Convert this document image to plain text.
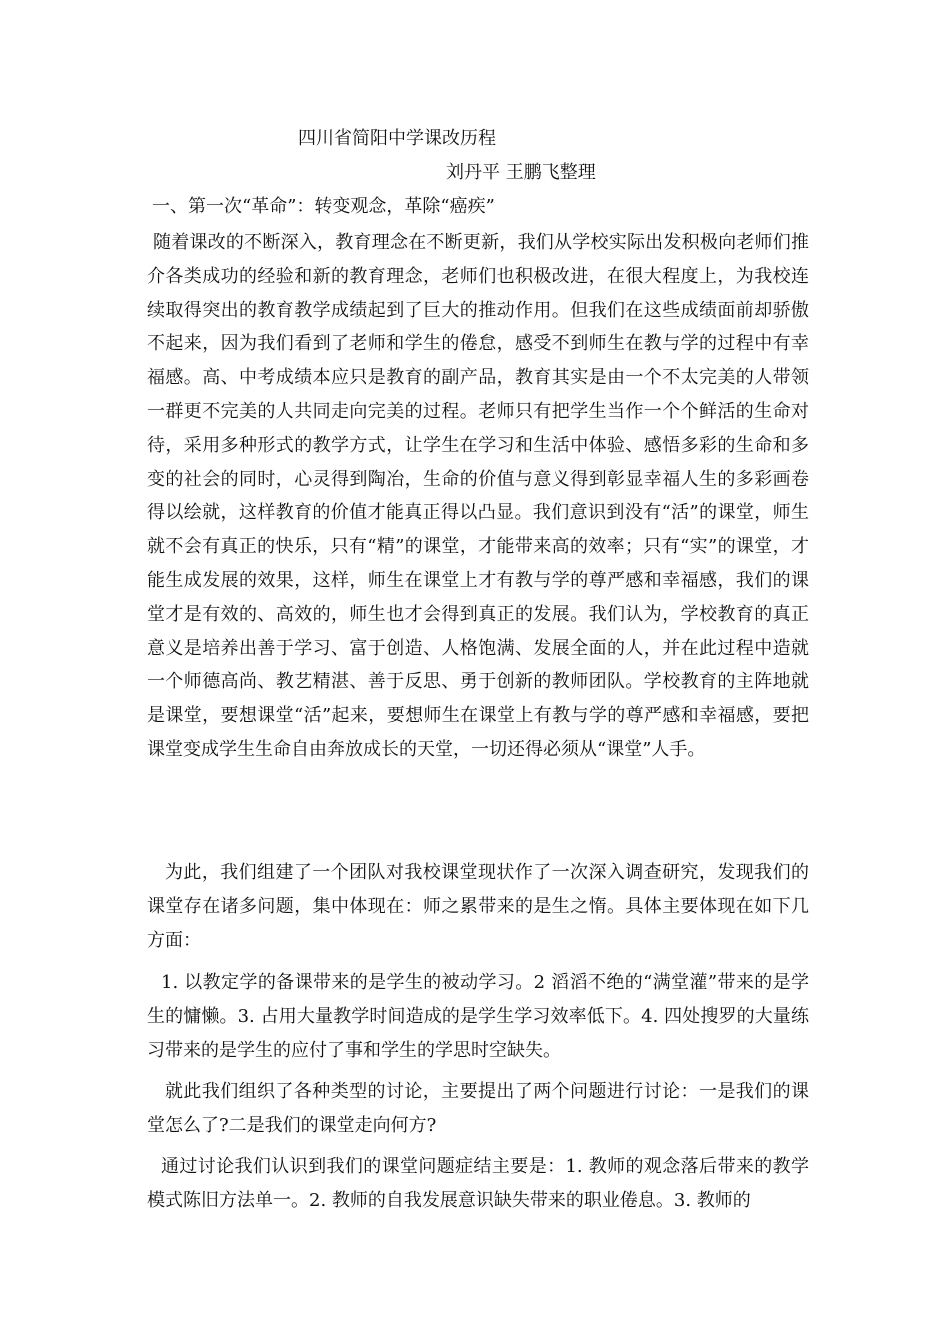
四川省简阳中学课改历程
刘丹平 王鹏飞整理
一、第一次“革命”：转变观念，革除“癌疾”

随着课改的不断深入，教育理念在不断更新，我们从学校实际出发积极向老师们推介各类成功的经验和新的教育理念，老师们也积极改进，在很大程度上，为我校连续取得突出的教育教学成绩起到了巨大的推动作用。但我们在这些成绩面前却骄傲不起来，因为我们看到了老师和学生的倦怠，感受不到师生在教与学的过程中有幸福感。高、中考成绩本应只是教育的副产品，教育其实是由一个不太完美的人带领一群更不完美的人共同走向完美的过程。老师只有把学生当作一个个鲜活的生命对待，采用多种形式的教学方式，让学生在学习和生活中体验、感悟多彩的生命和多变的社会的同时，心灵得到陶冶，生命的价值与意义得到彰显幸福人生的多彩画卷得以绘就，这样教育的价值才能真正得以凸显。我们意识到没有“活”的课堂，师生就不会有真正的快乐，只有“精”的课堂，才能带来高的效率；只有“实”的课堂，才能生成发展的效果，这样，师生在课堂上才有教与学的尊严感和幸福感，我们的课堂才是有效的、高效的，师生也才会得到真正的发展。我们认为，学校教育的真正意义是培养出善于学习、富于创造、人格饱满、发展全面的人，并在此过程中造就一个师德高尚、教艺精湛、善于反思、勇于创新的教师团队。学校教育的主阵地就是课堂，要想课堂“活”起来，要想师生在课堂上有教与学的尊严感和幸福感，要把课堂变成学生生命自由奔放成长的天堂，一切还得必须从“课堂”人手。

为此，我们组建了一个团队对我校课堂现状作了一次深入调查研究，发现我们的课堂存在诸多问题，集中体现在：师之累带来的是生之惰。具体主要体现在如下几方面：

1. 以教定学的备课带来的是学生的被动学习。2 滔滔不绝的“满堂灌”带来的是学生的慵懒。3. 占用大量教学时间造成的是学生学习效率低下。4. 四处搜罗的大量练习带来的是学生的应付了事和学生的学思时空缺失。

就此我们组织了各种类型的讨论，主要提出了两个问题进行讨论：一是我们的课堂怎么了?二是我们的课堂走向何方?

通过讨论我们认识到我们的课堂问题症结主要是：1. 教师的观念落后带来的教学模式陈旧方法单一。2. 教师的自我发展意识缺失带来的职业倦息。3. 教师的
